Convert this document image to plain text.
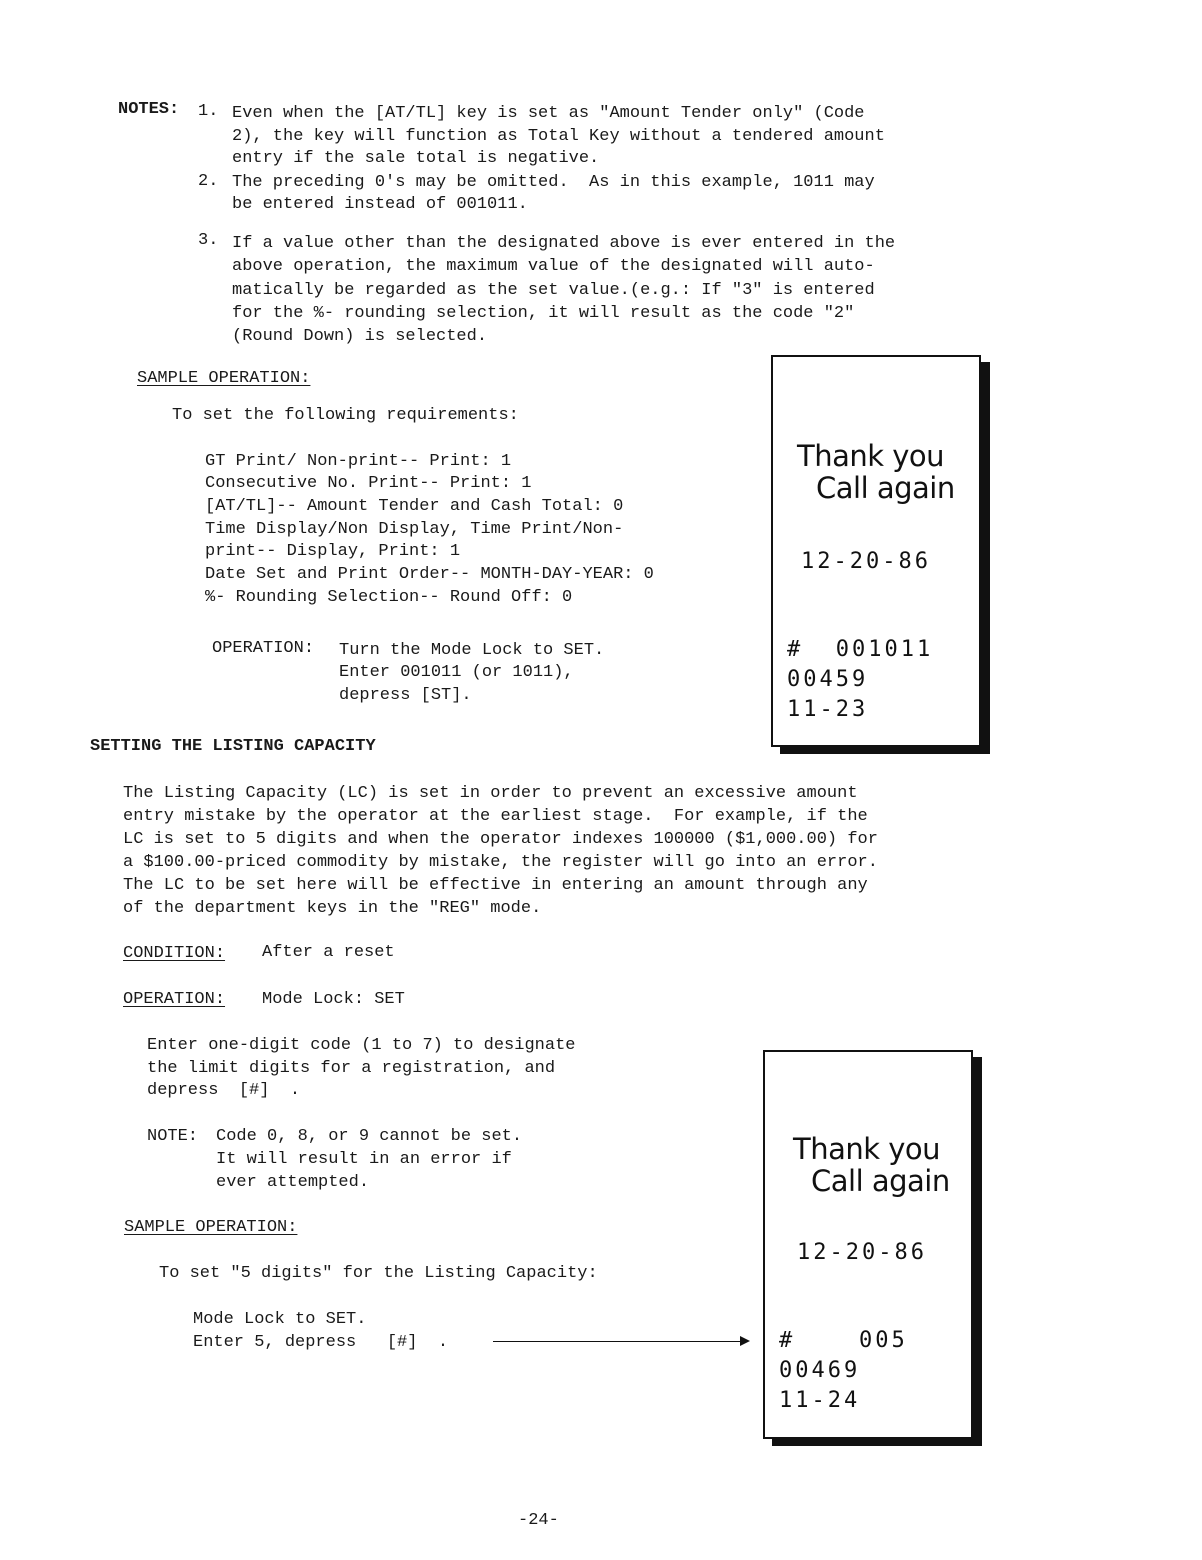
NOTES: 1. Even when the [AT/TL] key is set as "Amount Tender only" (Code
2), the key will function as Total Key without a tendered amount
entry if the sale total is negative.
2. The preceding 0's may be omitted.  As in this example, 1011 may
be entered instead of 001011.
3. If a value other than the designated above is ever entered in the
above operation, the maximum value of the designated will auto-
matically be regarded as the set value.(e.g.: If "3" is entered
for the %- rounding selection, it will result as the code "2"
(Round Down) is selected.
SAMPLE OPERATION:
To set the following requirements:
GT Print/ Non-print-- Print: 1
Consecutive No. Print-- Print: 1
[AT/TL]-- Amount Tender and Cash Total: 0
Time Display/Non Display, Time Print/Non-
print-- Display, Print: 1
Date Set and Print Order-- MONTH-DAY-YEAR: 0
%- Rounding Selection-- Round Off: 0
OPERATION: Turn the Mode Lock to SET.
Enter 001011 (or 1011),
depress [ST].
Thank you
Call again
12-20-86
#  001011
00459
11-23
SETTING THE LISTING CAPACITY
The Listing Capacity (LC) is set in order to prevent an excessive amount
entry mistake by the operator at the earliest stage.  For example, if the
LC is set to 5 digits and when the operator indexes 100000 ($1,000.00) for
a $100.00-priced commodity by mistake, the register will go into an error.
The LC to be set here will be effective in entering an amount through any
of the department keys in the "REG" mode.
CONDITION: After a reset
OPERATION: Mode Lock: SET
Enter one-digit code (1 to 7) to designate
the limit digits for a registration, and
depress  [#]  .
NOTE: Code 0, 8, or 9 cannot be set.
It will result in an error if
ever attempted.
SAMPLE OPERATION:
To set "5 digits" for the Listing Capacity:
Mode Lock to SET.
Enter 5, depress   [#]  .
Thank you
Call again
12-20-86
#	005
00469
11-24
-24-
